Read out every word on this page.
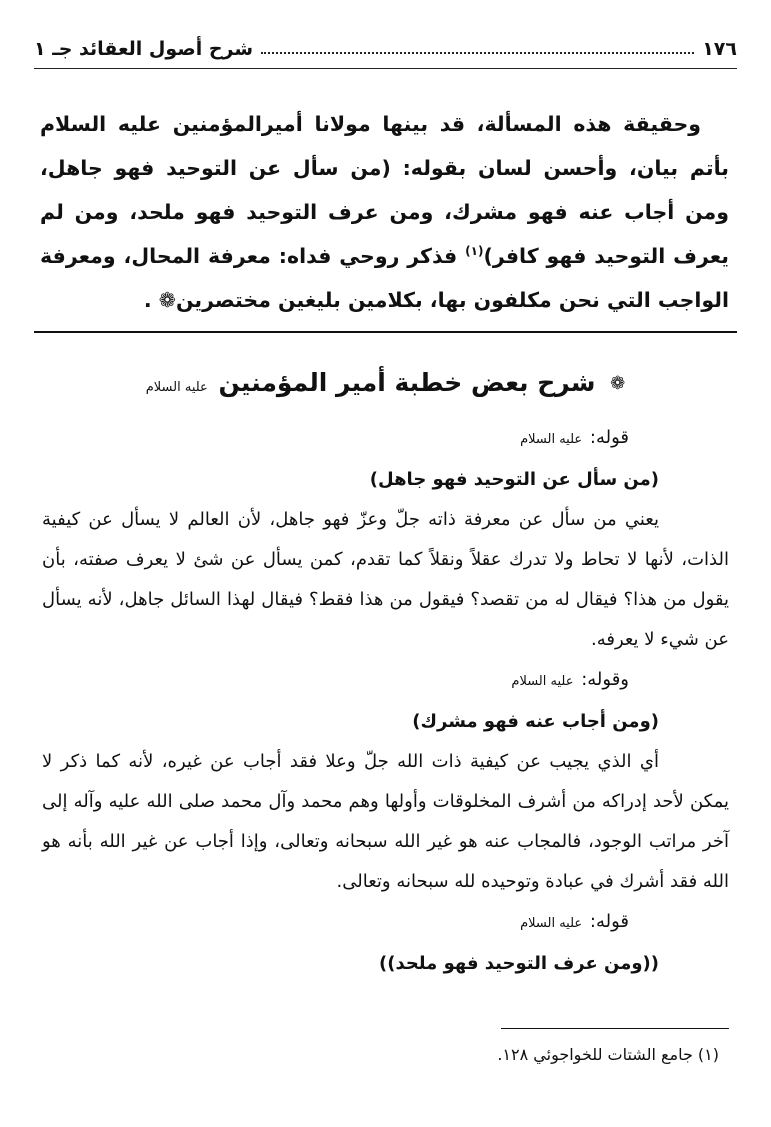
١٧٦
شرح أصول العقائد جـ ١

وحقيقة هذه المسألة، قد بينها مولانا أميرالمؤمنين عليه السلام بأتم بيان، وأحسن لسان بقوله: (من سأل عن التوحيد فهو جاهل، ومن أجاب عنه فهو مشرك، ومن عرف التوحيد فهو ملحد، ومن لم يعرف التوحيد فهو كافر)$^{(١)}$ فذكر روحي فداه: معرفة المحال، ومعرفة الواجب التي نحن مكلفون بها، بكلامين بليغين مختصرين❁ .

❁ شرح بعض خطبة أمير المؤمنين عليه السلام

قوله: عليه السلام

(من سأل عن التوحيد فهو جاهل)

يعني من سأل عن معرفة ذاته جلّ وعزّ فهو جاهل، لأن العالم لا يسأل عن كيفية الذات، لأنها لا تحاط ولا تدرك عقلاً ونقلاً كما تقدم، كمن يسأل عن شئ لا يعرف صفته، بأن يقول من هذا؟ فيقال له من تقصد؟ فيقول من هذا فقط؟ فيقال لهذا السائل جاهل، لأنه يسأل عن شيء لا يعرفه.

وقوله: عليه السلام

(ومن أجاب عنه فهو مشرك)

أي الذي يجيب عن كيفية ذات الله جلّ وعلا فقد أجاب عن غيره، لأنه كما ذكر لا يمكن لأحد إدراكه من أشرف المخلوقات وأولها وهم محمد وآل محمد صلى الله عليه وآله إلى آخر مراتب الوجود، فالمجاب عنه هو غير الله سبحانه وتعالى، وإذا أجاب عن غير الله بأنه هو الله فقد أشرك في عبادة وتوحيده لله سبحانه وتعالى.

قوله: عليه السلام

((ومن عرف التوحيد فهو ملحد))

(١) جامع الشتات للخواجوئي ١٢٨.
